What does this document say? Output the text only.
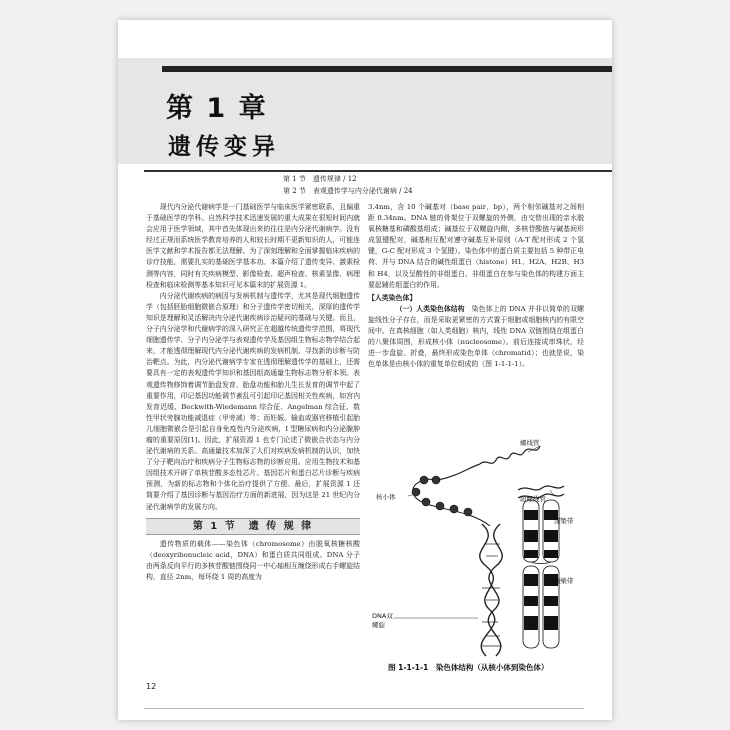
第 1 章
遗传变异
第 1 节　遗传规律 / 12
第 2 节　表观遗传学与内分泌代谢病 / 24

现代内分泌代谢病学是一门基础医学与临床医学紧密联系，且偏重于基础医学的学科。自然科学技术迅速发展的重大成果在很短时间内就会应用于医学领域，其中首先体现出来的往往是内分泌代谢病学。没有经过正规而系统医学教育培养的人和较长时期不更新知识的人，可能连医学文献和学术报告都无法理解。为了深刻理解和全面掌握临床疾病的诊疗技能，需要扎实的基础医学基本功。本篇介绍了遗传变异、激素检测等内容，同时有关疾病模型、影像检查、超声检查、核素显像、病理检查和临床检测等基本知识可见本篇末的扩展资源 1。

内分泌代谢疾病的病因与发病机制与遗传学，尤其是现代细胞遗传学（包括胚胎细胞微嵌合原理）和分子遗传学密切相关，深厚的遗传学知识是理解和灵活解决内分泌代谢疾病诊治疑问的基础与关键。而且，分子内分泌学和代谢病学的深入研究正在超越传统遗传学范围，将现代细胞遗传学、分子内分泌学与表观遗传学及基因组生物标志物学结合起来，才能透彻理解现代内分泌代谢疾病的发病机制，寻找新的诊断与防治靶点。为此，内分泌代谢病学专家在透彻理解遗传学的基础上，还需要具有一定的表观遗传学知识和基因组高通量生物标志物分析本领。表观遗传物修饰着调节胎盘发育、胎盘功能和胎儿生长发育的调节中起了重要作用，印记基因功能调节紊乱可引起印记基因相关性疾病，如宫内发育迟缓、Beckwith-Wiedemann 综合征、Angelman 综合征、数性甲状旁腺功能减退症（甲旁减）等；而妊娠、输血或器官移植引起胎儿细胞微嵌合是引起自身免疫性内分泌疾病，I 型糖尿病和内分泌腺肿瘤的重要原因[1]。因此，扩展资源 1 也专门论述了微嵌合状态与内分泌代谢病的关系。高通量技术加深了人们对疾病发病机制的认识，加快了分子靶向治疗和疾病分子生物标志物的诊断应用。应用生物技术和基因组技术开辟了单核苷酸多态性芯片、基因芯片和蛋白芯片诊断与疾病预测，为新的标志物和个体化治疗提供了方便。最后，扩展资源 1 还简要介绍了基因诊断与基因治疗方面的新进展，因为这是 21 世纪内分泌代谢病学的发展方向。

第 1 节　遗 传 规 律

遗传物质的载体——染色体（chromosome）由脱氧核糖核酸（deoxyribonucleic acid，DNA）和蛋白质共同组成。DNA 分子由两条反向平行的多核苷酸链围绕同一中心轴相互缠绕形成右手螺旋结构，直径 2nm，每环绕 1 周的高度为

3.4nm，含 10 个碱基对（base pair，bp），两个相邻碱基对之间相距 0.34nm。DNA 链的骨架位于双螺旋的外侧，由交替出现的亲水脱氧核糖基和磷酸基组成；碱基位于双螺旋内侧，多核苷酸链与碱基间形成氢键配对，碱基相互配对遵守碱基互补原则（A-T 配对形成 2 个氢键，G-C 配对形成 3 个氢键）。染色体中的蛋白质主要包括 5 种带正电荷、并与 DNA 结合的碱性组蛋白（histone）H1、H2A、H2B、H3 和 H4，以及呈酸性的非组蛋白。非组蛋白在参与染色体的构建方面主要起辅佐组蛋白的作用。

【人类染色体】

（一）人类染色体结构　 染色体上的 DNA 并非以简单的双螺旋线性分子存在，而是采取更紧密的方式置于细胞或细胞核内的有限空间中。在真核细胞（如人类细胞）核内，线性 DNA 双链围绕在组蛋白的八聚体周围，形成核小体（nucleosome）。前后连接成串珠状，经进一步盘旋、折叠，最终形成染色单体（chromatid）；也就是说，染色单体是由核小体的重复单位组成的（图 1-1-1-1）。

螺线管
超螺线管
深染带
浅染带
核小体
DNA双螺旋
图 1-1-1-1　染色体结构（从核小体到染色体）
12
